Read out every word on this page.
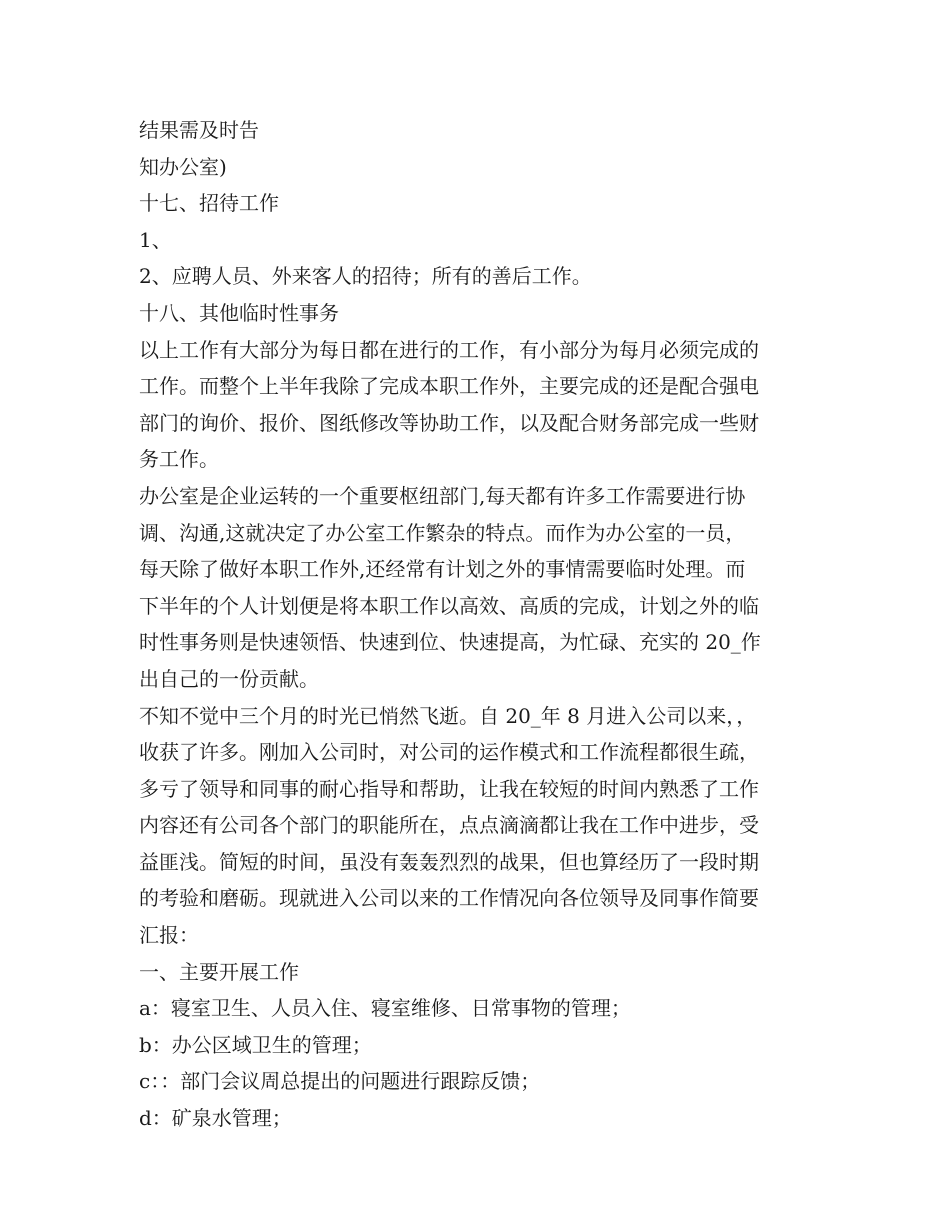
结果需及时告
知办公室)
十七、招待工作
1、
2、应聘人员、外来客人的招待；所有的善后工作。
十八、其他临时性事务
以上工作有大部分为每日都在进行的工作，有小部分为每月必须完成的
工作。而整个上半年我除了完成本职工作外，主要完成的还是配合强电
部门的询价、报价、图纸修改等协助工作，以及配合财务部完成一些财
务工作。
办公室是企业运转的一个重要枢纽部门,每天都有许多工作需要进行协
调、沟通,这就决定了办公室工作繁杂的特点。而作为办公室的一员，
每天除了做好本职工作外,还经常有计划之外的事情需要临时处理。而
下半年的个人计划便是将本职工作以高效、高质的完成，计划之外的临
时性事务则是快速领悟、快速到位、快速提高，为忙碌、充实的 20_作
出自己的一份贡献。
不知不觉中三个月的时光已悄然飞逝。自 20_年 8 月进入公司以来，，
收获了许多。刚加入公司时，对公司的运作模式和工作流程都很生疏，
多亏了领导和同事的耐心指导和帮助，让我在较短的时间内熟悉了工作
内容还有公司各个部门的职能所在，点点滴滴都让我在工作中进步，受
益匪浅。简短的时间，虽没有轰轰烈烈的战果，但也算经历了一段时期
的考验和磨砺。现就进入公司以来的工作情况向各位领导及同事作简要
汇报：
一、主要开展工作
a：寝室卫生、人员入住、寝室维修、日常事物的管理；
b：办公区域卫生的管理；
c：：部门会议周总提出的问题进行跟踪反馈；
d：矿泉水管理；
